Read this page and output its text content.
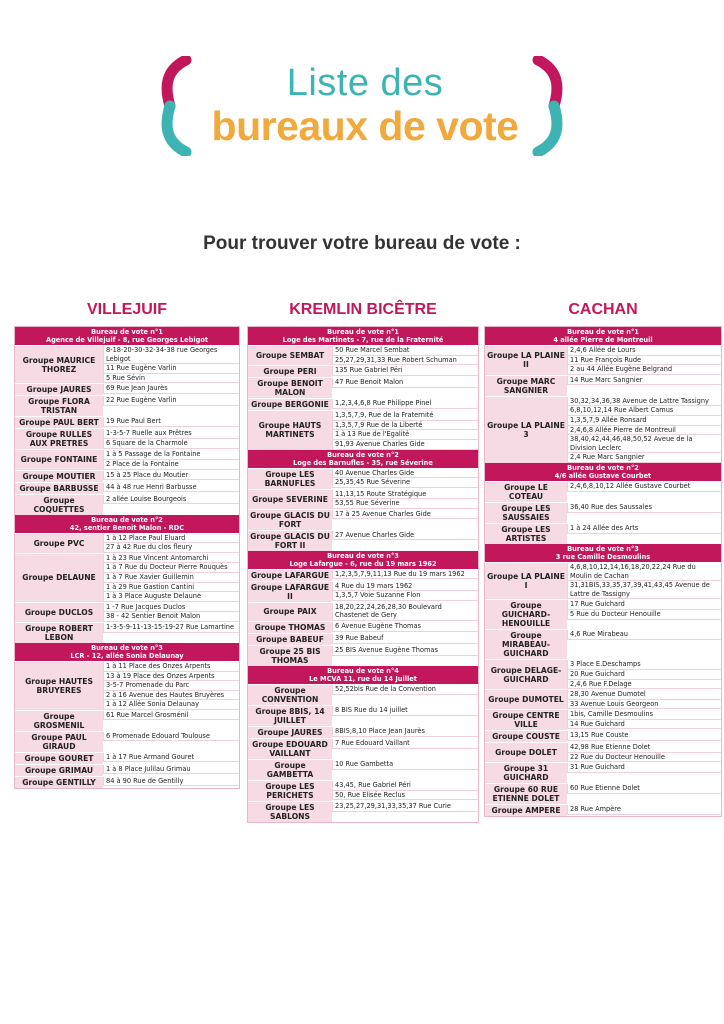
Liste des
bureaux de vote
Pour trouver votre bureau de vote :
VILLEJUIF
Bureau de vote n°1
Agence de Villejuif - 8, rue Georges Lebigot
Groupe MAURICE THOREZ
8-18-20-30-32-34-38 rue Georges Lebigot
11 Rue Eugène Varlin
5 Rue Sévin
Groupe JAURES	69 Rue Jean Jaurès
Groupe FLORA TRISTAN
22 Rue Eugène Varlin
Groupe PAUL BERT	19 Rue Paul Bert
Groupe RULLES AUX PRETRES
1-3-5-7 Ruelle aux Prêtres
6 Square de la Charmole
Groupe FONTAINE
1 à 5 Passage de la Fontaine
2 Place de la Fontaine
Groupe MOUTIER	15 à 25 Place du Moutier
Groupe BARBUSSE	44 à 48 rue Henri Barbusse
Groupe COQUETTES
2 allée Louise Bourgeois
Bureau de vote n°2
42, sentier Benoit Malon - RDC
Groupe PVC
1 à 12 Place Paul Eluard
27 à 42 Rue du clos fleury
Groupe DELAUNE
1 à 23 Rue Vincent Antomarchi
1 à 7 Rue du Docteur Pierre Rouquès
1 à 7 Rue Xavier Guillemin
1 à 29 Rue Gastion Cantini
1 à 3 Place Auguste Delaune
Groupe DUCLOS
1 -7 Rue Jacques Duclos
38 - 42 Sentier Benoit Malon
Groupe ROBERT LEBON
1-3-5-9-11-13-15-19-27 Rue Lamartine
Bureau de vote n°3
LCR - 12, allée Sonia Delaunay
Groupe HAUTES BRUYERES
1 à 11 Place des Onzes Arpents
13 à 19 Place des Onzes Arpents
3-5-7 Promenade du Parc
2 à 16 Avenue des Hautes Bruyères
1 à 12 Allée Sonia Delaunay
Groupe GROSMENIL
61 Rue Marcel Grosménil
Groupe PAUL GIRAUD
6 Promenade Edouard Toulouse
Groupe GOURET	1 à 17 Rue Armand Gouret
Groupe GRIMAU	1 à 8 Place Julilau Grimau
Groupe GENTILLY	84 à 90 Rue de Gentilly
KREMLIN BICÊTRE
Bureau de vote n°1
Loge des Martinets - 7, rue de la Fraternité
Groupe SEMBAT
50 Rue Marcel Sembat
25,27,29,31,33 Rue Robert Schuman
Groupe PERI	135 Rue Gabriel Péri
Groupe BENOIT MALON
47 Rue Benoit Malon
Groupe BERGONIE 1,2,3,4,6,8 Rue Philippe Pinel
Groupe HAUTS MARTINETS
1,3,5,7,9, Rue de la Fraternité
1,3,5,7,9 Rue de la Liberté
1 à 13 Rue de l'Egalité
91,93 Avenue Charles Gide
Bureau de vote n°2
Loge des Barnufles - 35, rue Séverine
Groupe LES BARNUFLES
40 Avenue Charles Gide
25,35,45 Rue Séverine
Groupe SEVERINE
11,13,15 Route Stratégique
53,55 Rue Séverine
Groupe GLACIS DU FORT
17 à 25 Avenue Charles Gide
Groupe GLACIS DU FORT II
27 Avenue Charles Gide
Bureau de vote n°3
Loge Lafargue - 6, rue du 19 mars 1962
Groupe LAFARGUE 1,2,3,5,7,9,11,13 Rue du 19 mars 1962
Groupe LAFARGUE II
4 Rue du 19 mars 1962
1,3,5,7 Voie Suzanne Flon
Groupe PAIX
18,20,22,24,26,28,30 Boulevard Chastenet de Gery
Groupe THOMAS	6 Avenue Eugène Thomas
Groupe BABEUF	39 Rue Babeuf
Groupe 25 BIS THOMAS
25 BIS Avenue Eugène Thomas
Bureau de vote n°4
Le MCVA 11, rue du 14 Juillet
Groupe CONVENTION
52,52bis Rue de la Convention
Groupe 8BIS, 14 JUILLET
8 BIS Rue du 14 juillet
Groupe JAURES	8BIS,8,10 Place Jean Jaurès
Groupe EDOUARD VAILLANT
7 Rue Edouard Vaillant
Groupe GAMBETTA
10 Rue Gambetta
Groupe LES PERICHETS
43,45, Rue Gabriel Péri
50, Rue Elisée Reclus
Groupe LES SABLONS
23,25,27,29,31,33,35,37 Rue Curie
CACHAN
Bureau de vote n°1
4 allée Pierre de Montreuil
Groupe LA PLAINE II
2,4,6 Allée de Lours
11 Rue François Rude
2 au 44 Allée Eugène Belgrand
Groupe MARC SANGNIER
14 Rue Marc Sangnier
Groupe LA PLAINE 3
30,32,34,36,38 Avenue de Lattre Tassigny
6,8,10,12,14 Rue Albert Camus
1,3,5,7,9 Allée Ronsard
2,4,6,8 Allée Pierre de Montreuil
38,40,42,44,46,48,50,52 Aveue de la Division Leclerc
2,4 Rue Marc Sangnier
Bureau de vote n°2
4/6 allée Gustave Courbet
Groupe LE COTEAU
2,4,6,8,10,12 Allée Gustave Courbet
Groupe LES SAUSSAIES
36,40 Rue des Saussales
Groupe LES ARTISTES
1 à 24 Allée des Arts
Bureau de vote n°3
3 rue Camille Desmoulins
Groupe LA PLAINE I
4,6,8,10,12,14,16,18,20,22,24 Rue du Moulin de Cachan
31,31BIS,33,35,37,39,41,43,45 Avenue de Lattre de Tassigny
Groupe GUICHARD-HENOUILLE
17 Rue Guichard
5 Rue du Docteur Henouille
Groupe MIRABEAU-GUICHARD
4,6 Rue Mirabeau
Groupe DELAGE-GUICHARD
3 Place E.Deschamps
20 Rue Guichard
2,4,6 Rue F.Delage
Groupe DUMOTEL
28,30 Avenue Dumotel
33 Avenue Louis Georgeon
Groupe CENTRE VILLE
1bis, Camille Desmoulins
14 Rue Guichard
Groupe COUSTE	13,15 Rue Couste
Groupe DOLET
42,98 Rue Etienne Dolet
22 Rue du Docteur Henouille
Groupe 31 GUICHARD
31 Rue Guichard
Groupe 60 RUE ETIENNE DOLET
60 Rue Etienne Dolet
Groupe AMPERE	28 Rue Ampère
